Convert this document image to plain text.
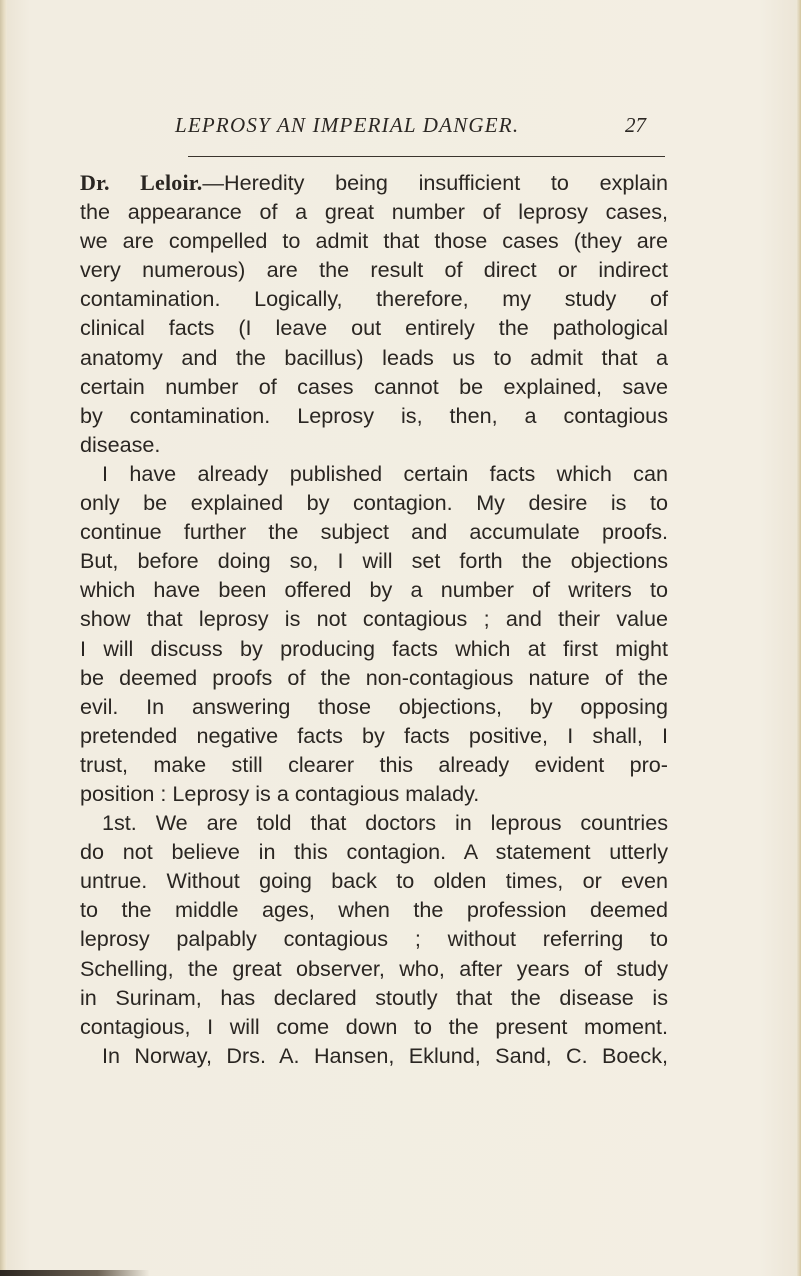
LEPROSY AN IMPERIAL DANGER.	27
Dr. Leloir.—Heredity being insufficient to explain
the appearance of a great number of leprosy cases,
we are compelled to admit that those cases (they are
very numerous) are the result of direct or indirect
contamination. Logically, therefore, my study of
clinical facts (I leave out entirely the pathological
anatomy and the bacillus) leads us to admit that a
certain number of cases cannot be explained, save
by contamination. Leprosy is, then, a contagious
disease.
I have already published certain facts which can
only be explained by contagion. My desire is to
continue further the subject and accumulate proofs.
But, before doing so, I will set forth the objections
which have been offered by a number of writers to
show that leprosy is not contagious ; and their value
I will discuss by producing facts which at first might
be deemed proofs of the non-contagious nature of the
evil. In answering those objections, by opposing
pretended negative facts by facts positive, I shall, I
trust, make still clearer this already evident pro-
position : Leprosy is a contagious malady.
1st. We are told that doctors in leprous countries
do not believe in this contagion. A statement utterly
untrue. Without going back to olden times, or even
to the middle ages, when the profession deemed
leprosy palpably contagious ; without referring to
Schelling, the great observer, who, after years of study
in Surinam, has declared stoutly that the disease is
contagious, I will come down to the present moment.
In Norway, Drs. A. Hansen, Eklund, Sand, C. Boeck,
